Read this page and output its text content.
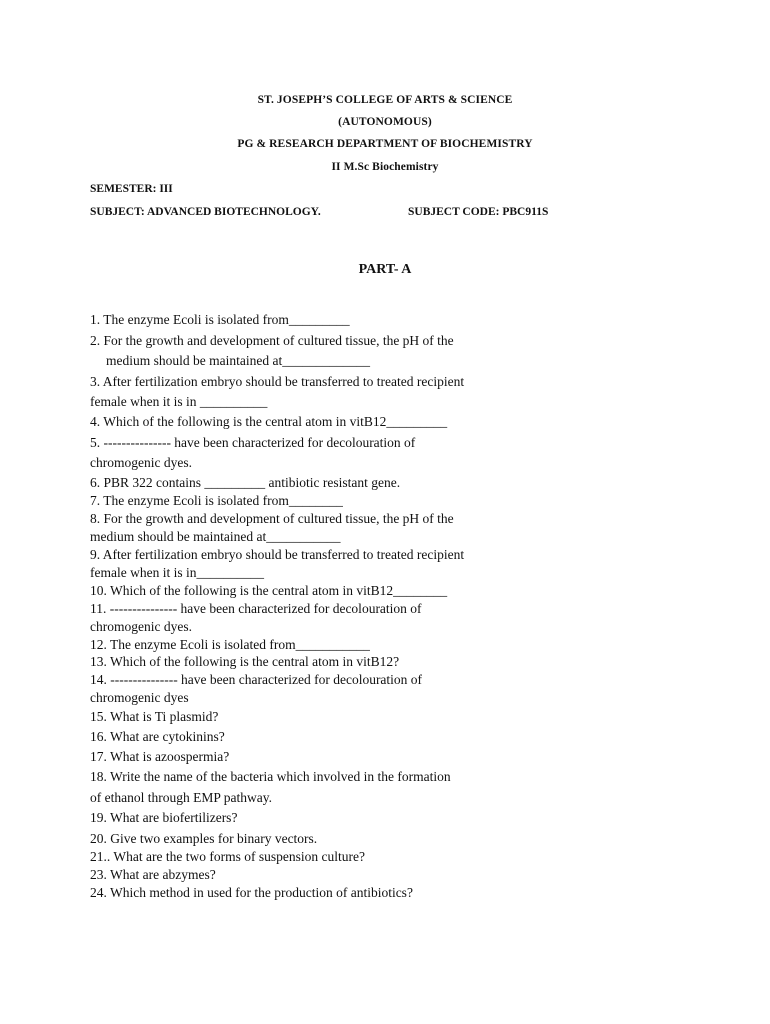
ST. JOSEPH’S COLLEGE OF ARTS & SCIENCE
(AUTONOMOUS)
PG & RESEARCH DEPARTMENT OF BIOCHEMISTRY
II M.Sc Biochemistry
SEMESTER: III
SUBJECT: ADVANCED BIOTECHNOLOGY.	SUBJECT CODE: PBC911S
PART- A
1. The enzyme Ecoli is isolated from_________
2. For the growth and development of cultured tissue, the pH of the
medium should be maintained at_____________
3. After fertilization embryo should be transferred to treated recipient
female when it is in __________
4. Which of the following is the central atom in vitB12_________
5. --------------- have been characterized for decolouration of
chromogenic dyes.
6. PBR 322 contains _________ antibiotic resistant gene.
7. The enzyme Ecoli is isolated from________
8. For the growth and development of cultured tissue, the pH of the
medium should be maintained at___________
9. After fertilization embryo should be transferred to treated recipient
female when it is in__________
10. Which of the following is the central atom in vitB12________
11. --------------- have been characterized for decolouration of
chromogenic dyes.
12. The enzyme Ecoli is isolated from___________
13. Which of the following is the central atom in vitB12?
14. --------------- have been characterized for decolouration of
chromogenic dyes
15. What is Ti plasmid?
16. What are cytokinins?
17. What is azoospermia?
18. Write the name of the bacteria which involved in the formation
of ethanol through EMP pathway.
19. What are biofertilizers?
20. Give two examples for binary vectors.
21.. What are the two forms of suspension culture?
23. What are abzymes?
24. Which method in used for the production of antibiotics?
